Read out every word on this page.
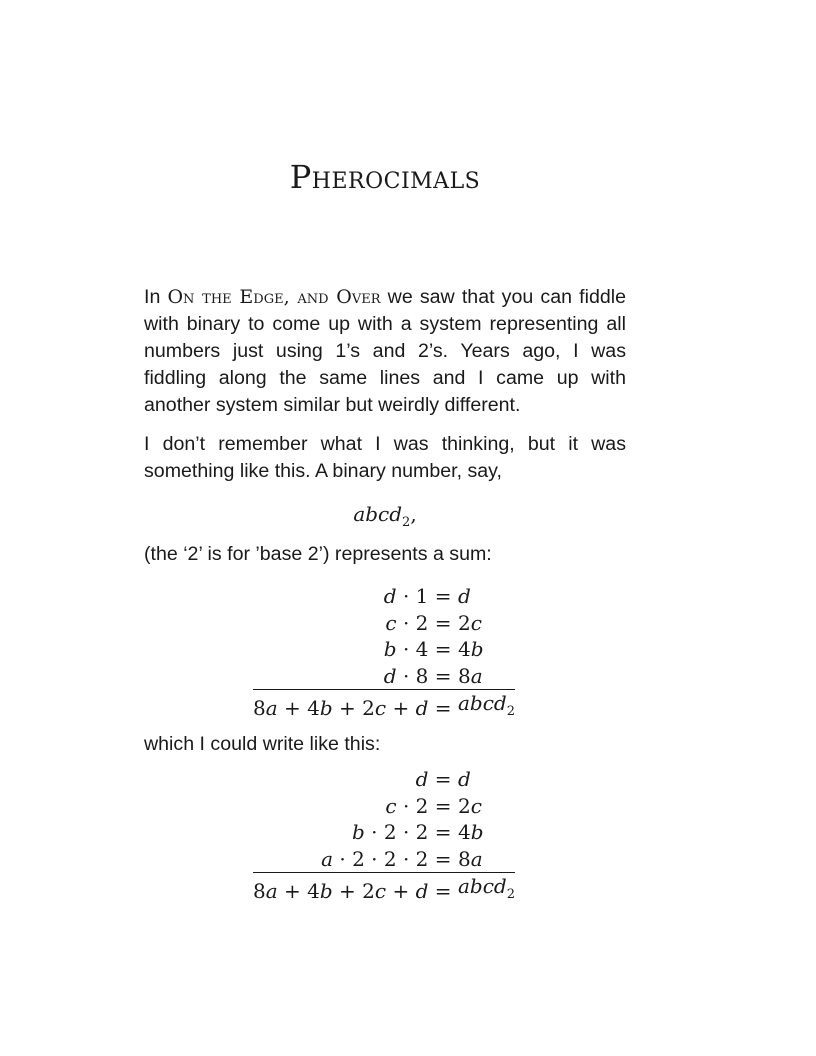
Pherocimals

In On the Edge, and Over we saw that you can fiddle with binary to come up with a system representing all numbers just using 1’s and 2’s. Years ago, I was fiddling along the same lines and I came up with another system similar but weirdly different.

I don’t remember what I was thinking, but it was something like this. A binary number, say,

abcd$_2$,

(the ‘2’ is for ’base 2’) represents a sum:

d · 1	=	d
c · 2	=	2c
b · 4	=	4b
d · 8	=	8a
8a + 4b + 2c + d	=	abcd$_2$

which I could write like this:

d	=	d
c · 2	=	2c
b · 2 · 2	=	4b
a · 2 · 2 · 2	=	8a
8a + 4b + 2c + d	=	abcd$_2$
